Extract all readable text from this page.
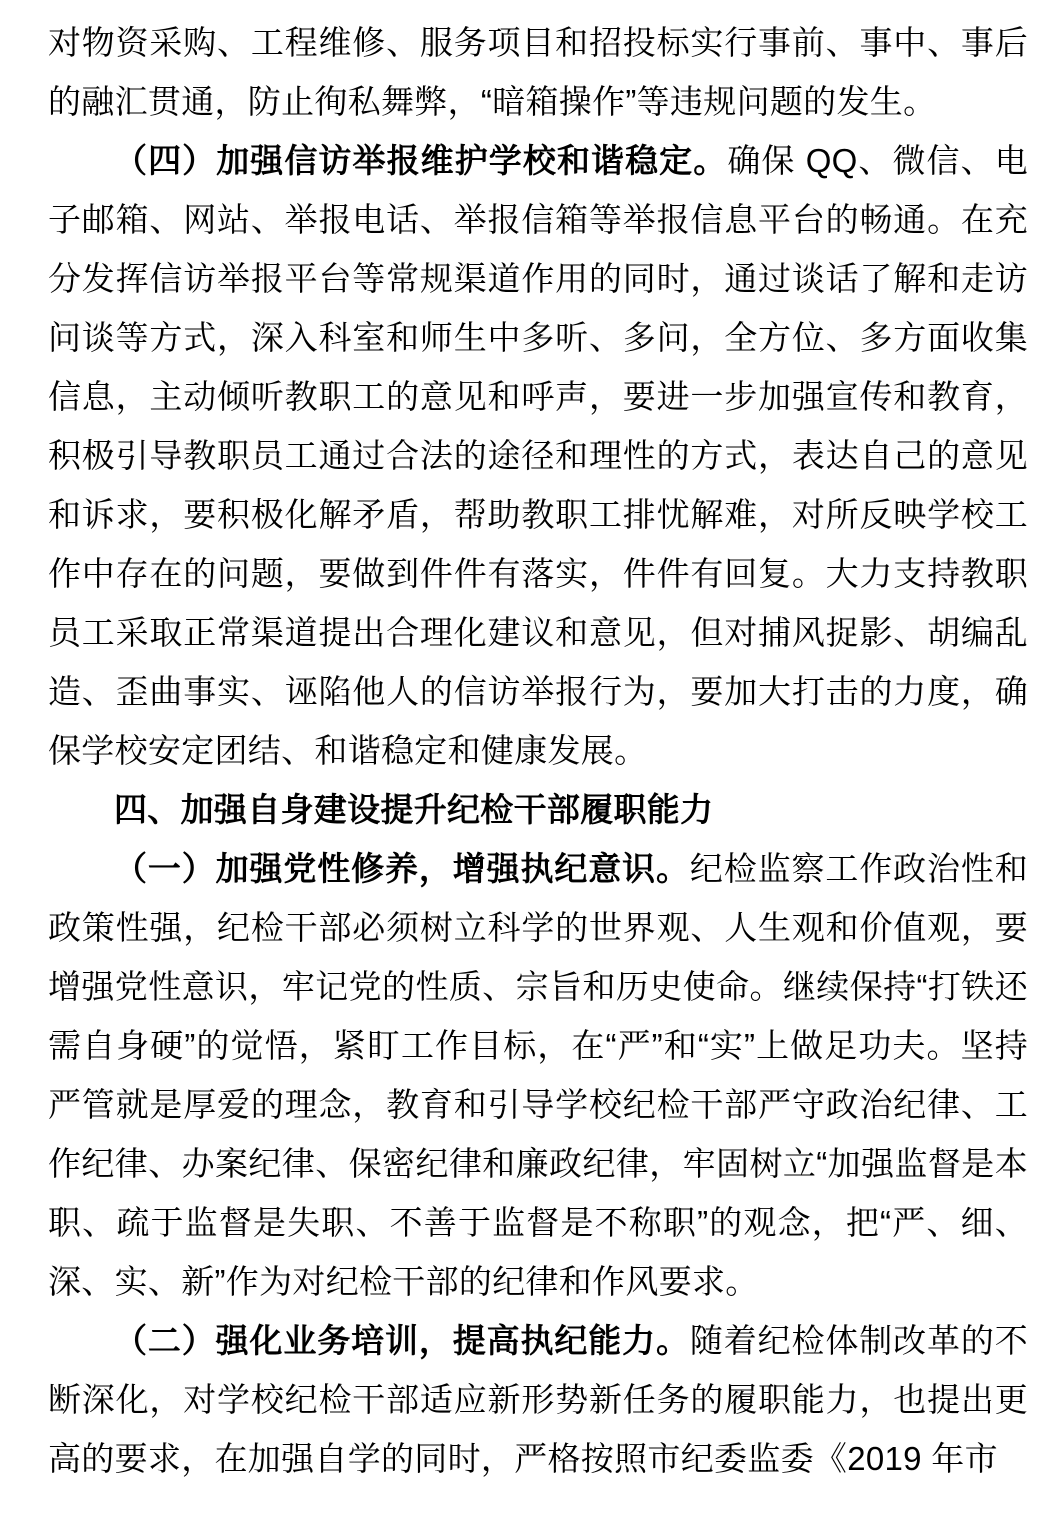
对物资采购、工程维修、服务项目和招投标实行事前、事中、事后的融汇贯通，防止徇私舞弊，“暗箱操作”等违规问题的发生。

（四）加强信访举报维护学校和谐稳定。确保 QQ、微信、电子邮箱、网站、举报电话、举报信箱等举报信息平台的畅通。在充分发挥信访举报平台等常规渠道作用的同时，通过谈话了解和走访问谈等方式，深入科室和师生中多听、多问，全方位、多方面收集信息，主动倾听教职工的意见和呼声，要进一步加强宣传和教育，积极引导教职员工通过合法的途径和理性的方式，表达自己的意见和诉求，要积极化解矛盾，帮助教职工排忧解难，对所反映学校工作中存在的问题，要做到件件有落实，件件有回复。大力支持教职员工采取正常渠道提出合理化建议和意见，但对捕风捉影、胡编乱造、歪曲事实、诬陷他人的信访举报行为，要加大打击的力度，确保学校安定团结、和谐稳定和健康发展。

四、加强自身建设提升纪检干部履职能力

（一）加强党性修养，增强执纪意识。纪检监察工作政治性和政策性强，纪检干部必须树立科学的世界观、人生观和价值观，要增强党性意识，牢记党的性质、宗旨和历史使命。继续保持“打铁还需自身硬”的觉悟，紧盯工作目标，在“严”和“实”上做足功夫。坚持严管就是厚爱的理念，教育和引导学校纪检干部严守政治纪律、工作纪律、办案纪律、保密纪律和廉政纪律，牢固树立“加强监督是本职、疏于监督是失职、不善于监督是不称职”的观念，把“严、细、深、实、新”作为对纪检干部的纪律和作风要求。

（二）强化业务培训，提高执纪能力。随着纪检体制改革的不断深化，对学校纪检干部适应新形势新任务的履职能力，也提出更高的要求，在加强自学的同时，严格按照市纪委监委《2019 年市
